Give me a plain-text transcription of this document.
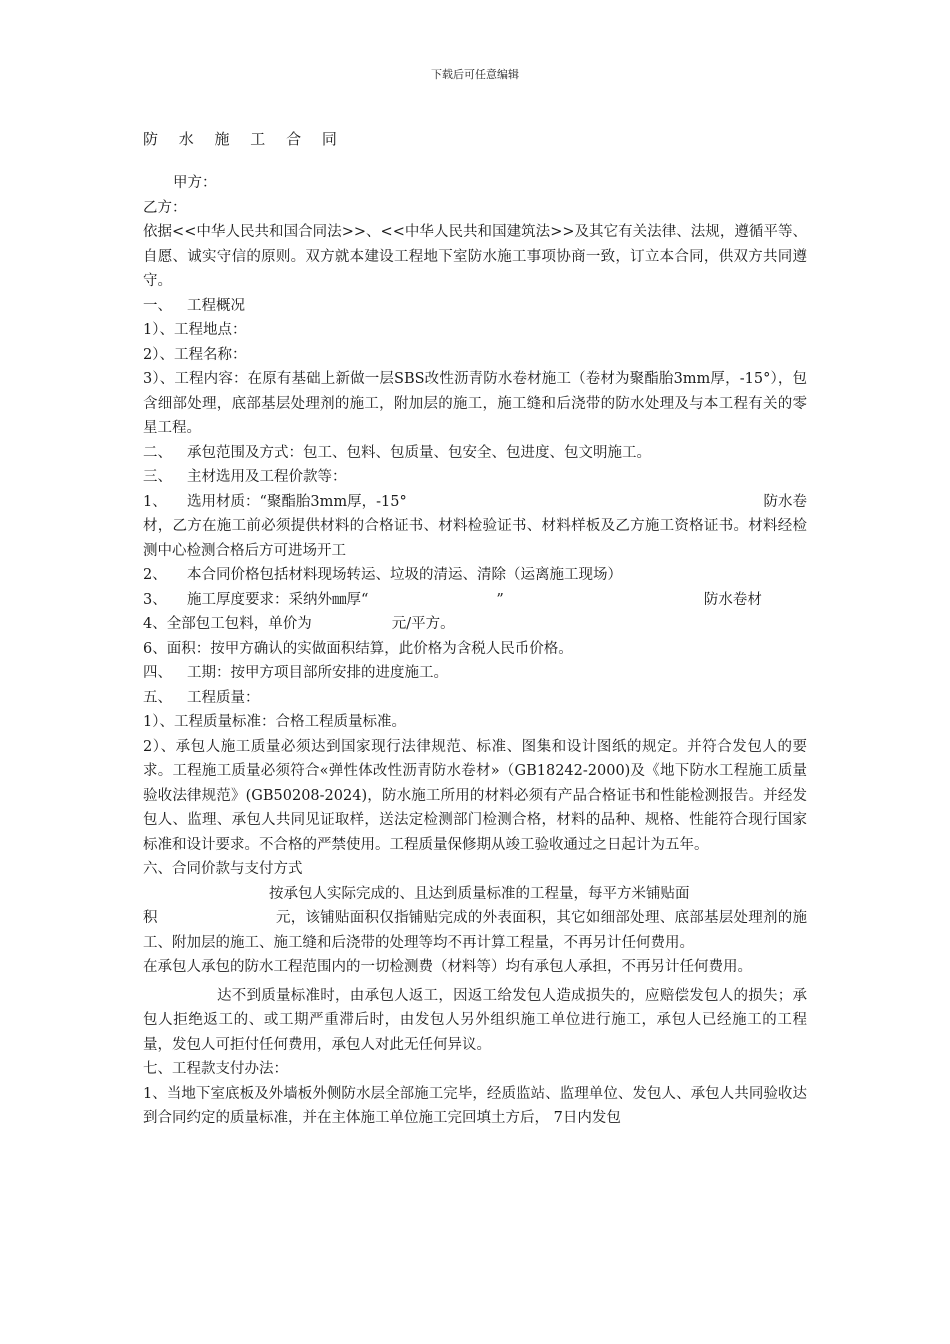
下载后可任意编辑
防 水 施 工 合 同

甲方：

乙方：

依据<<中华人民共和国合同法>>、<<中华人民共和国建筑法>>及其它有关法律、法规，遵循平等、自愿、诚实守信的原则。双方就本建设工程地下室防水施工事项协商一致，订立本合同，供双方共同遵守。

一、 工程概况

1）、工程地点：

2）、工程名称：

3）、工程内容：在原有基础上新做一层SBS改性沥青防水卷材施工（卷材为聚酯胎3mm厚，-15°），包含细部处理，底部基层处理剂的施工，附加层的施工，施工缝和后浇带的防水处理及与本工程有关的零星工程。

二、 承包范围及方式：包工、包料、包质量、包安全、包进度、包文明施工。

三、 主材选用及工程价款等：

1、 选用材质：“聚酯胎3mm厚，-15°	防水卷

材，乙方在施工前必须提供材料的合格证书、材料检验证书、材料样板及乙方施工资格证书。材料经检测中心检测合格后方可进场开工

2、 本合同价格包括材料现场转运、垃圾的清运、清除（运离施工现场）

3、 施工厚度要求：采纳外㎜厚“	”	防水卷材

4、全部包工包料，单价为	元/平方。

6、面积：按甲方确认的实做面积结算，此价格为含税人民币价格。

四、 工期：按甲方项目部所安排的进度施工。

五、 工程质量：

1）、工程质量标准：合格工程质量标准。

2）、承包人施工质量必须达到国家现行法律规范、标准、图集和设计图纸的规定。并符合发包人的要求。工程施工质量必须符合«弹性体改性沥青防水卷材»（GB18242-2000)及《地下防水工程施工质量验收法律规范》(GB50208-2024)，防水施工所用的材料必须有产品合格证书和性能检测报告。并经发包人、监理、承包人共同见证取样，送法定检测部门检测合格，材料的品种、规格、性能符合现行国家标准和设计要求。不合格的严禁使用。工程质量保修期从竣工验收通过之日起计为五年。

六、合同价款与支付方式

按承包人实际完成的、且达到质量标准的工程量，每平方米铺贴面

积	元，该铺贴面积仅指铺贴完成的外表面积，其它如细部处理、底部基层处理剂的施工、附加层的施工、施工缝和后浇带的处理等均不再计算工程量，不再另计任何费用。

在承包人承包的防水工程范围内的一切检测费（材料等）均有承包人承担，不再另计任何费用。

达不到质量标准时，由承包人返工，因返工给发包人造成损失的，应赔偿发包人的损失；承包人拒绝返工的、或工期严重滞后时，由发包人另外组织施工单位进行施工，承包人已经施工的工程量，发包人可拒付任何费用，承包人对此无任何异议。

七、工程款支付办法：

1、当地下室底板及外墙板外侧防水层全部施工完毕，经质监站、监理单位、发包人、承包人共同验收达到合同约定的质量标准，并在主体施工单位施工完回填土方后， 7日内发包
